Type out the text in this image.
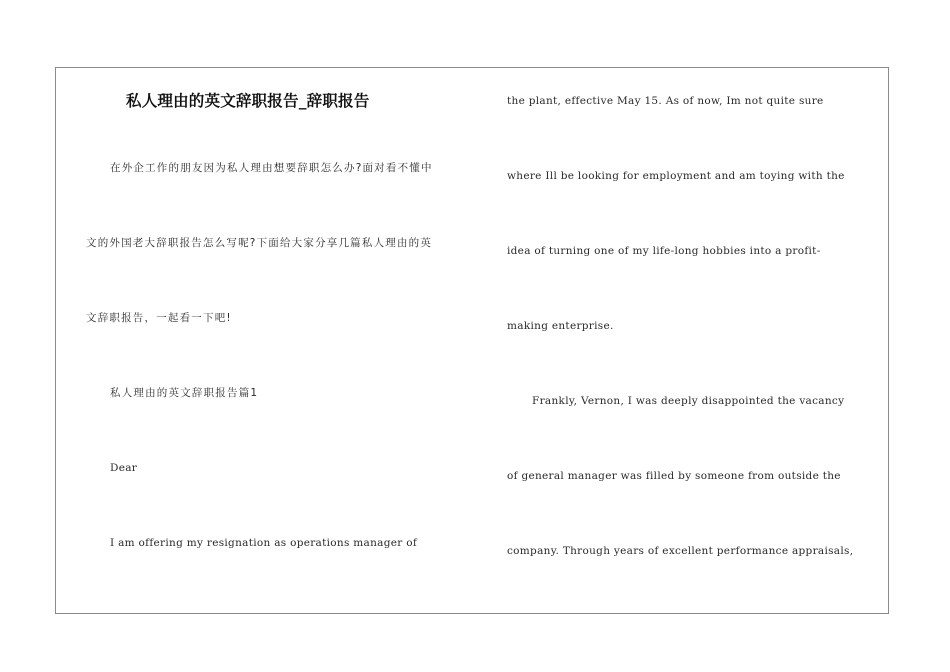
私人理由的英文辞职报告_辞职报告
在外企工作的朋友因为私人理由想要辞职怎么办?面对看不懂中
文的外国老大辞职报告怎么写呢?下面给大家分享几篇私人理由的英
文辞职报告，一起看一下吧!
私人理由的英文辞职报告篇1
Dear
I am offering my resignation as operations manager of
the plant, effective May 15. As of now, Im not quite sure
where Ill be looking for employment and am toying with the
idea of turning one of my life-long hobbies into a profit-
making enterprise.
Frankly, Vernon, I was deeply disappointed the vacancy
of general manager was filled by someone from outside the
company. Through years of excellent performance appraisals,
